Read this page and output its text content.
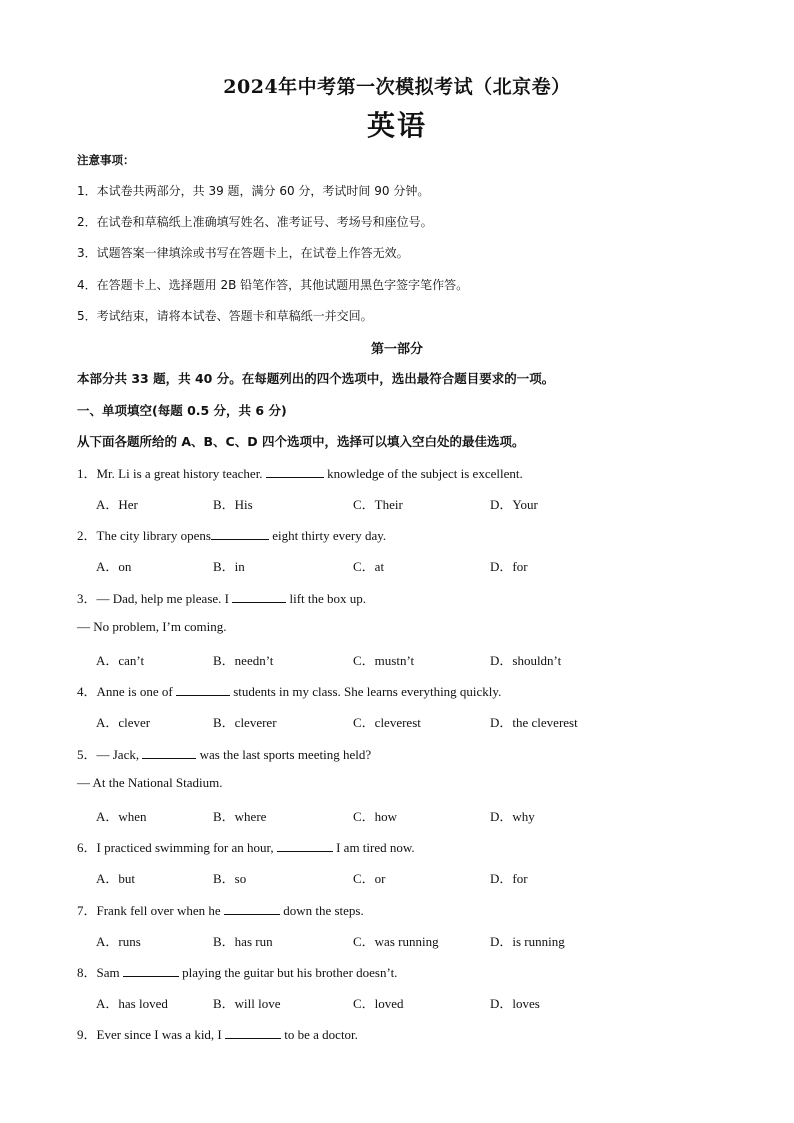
2024年中考第一次模拟考试（北京卷）
英语
注意事项：
1．本试卷共两部分，共 39 题，满分 60 分，考试时间 90 分钟。
2．在试卷和草稿纸上准确填写姓名、准考证号、考场号和座位号。
3．试题答案一律填涂或书写在答题卡上，在试卷上作答无效。
4．在答题卡上、选择题用 2B 铅笔作答，其他试题用黑色字签字笔作答。
5．考试结束，请将本试卷、答题卡和草稿纸一并交回。
第一部分
本部分共 33 题，共 40 分。在每题列出的四个选项中，选出最符合题目要求的一项。
一、单项填空(每题 0.5 分，共 6 分)
从下面各题所给的 A、B、C、D 四个选项中，选择可以填入空白处的最佳选项。
1．Mr. Li is a great history teacher.	knowledge of the subject is excellent.
A．Her	B．His	C．Their	D．Your
2．The city library opens	eight thirty every day.
A．on	B．in	C．at	D．for
3．— Dad, help me please. I	lift the box up.
— No problem, I’m coming.
A．can’t	B．needn’t	C．mustn’t	D．shouldn’t
4．Anne is one of	students in my class. She learns everything quickly.
A．clever	B．cleverer	C．cleverest	D．the cleverest
5．— Jack,	was the last sports meeting held?
— At the National Stadium.
A．when	B．where	C．how	D．why
6．I practiced swimming for an hour,	I am tired now.
A．but	B．so	C．or	D．for
7．Frank fell over when he	down the steps.
A．runs	B．has run	C．was running	D．is running
8．Sam	playing the guitar but his brother doesn’t.
A．has loved	B．will love	C．loved	D．loves
9．Ever since I was a kid, I	to be a doctor.
